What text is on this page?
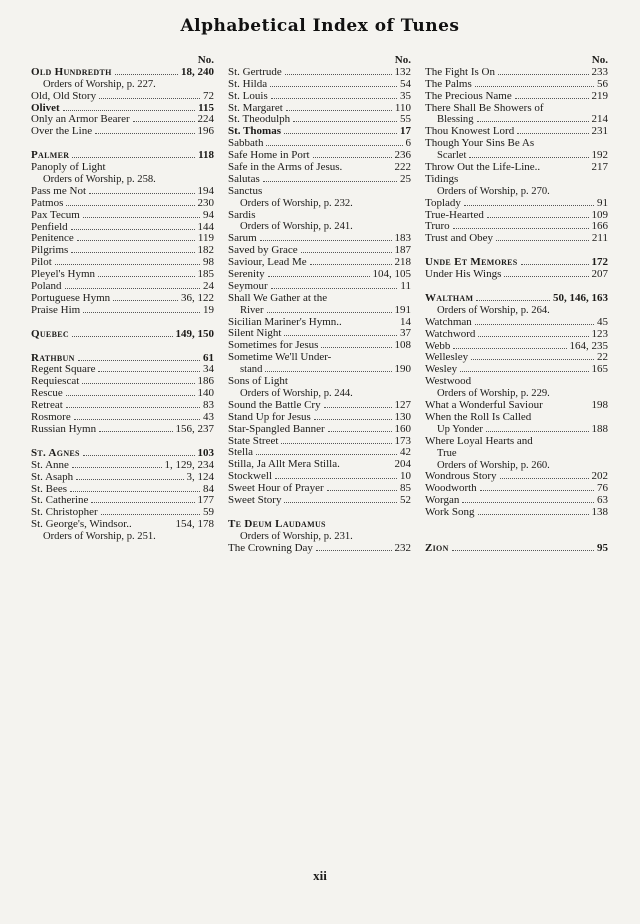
Alphabetical Index of Tunes
No.
Old Hundredth	18, 240
Orders of Worship, p. 227.
Old, Old Story	72
Olivet	115
Only an Armor Bearer	224
Over the Line	196
Palmer	118
Panoply of Light
Orders of Worship, p. 258.
Pass me Not	194
Patmos	230
Pax Tecum	94
Penfield	144
Penitence	119
Pilgrims	182
Pilot	98
Pleyel's Hymn	185
Poland	24
Portuguese Hymn	36, 122
Praise Him	19
Quebec	149, 150
Rathbun	61
Regent Square	34
Requiescat	186
Rescue	140
Retreat	83
Rosmore	43
Russian Hymn	156, 237
St. Agnes	103
St. Anne	1, 129, 234
St. Asaph	3, 124
St. Bees	84
St. Catherine	177
St. Christopher	59
St. George's, Windsor..	154, 178
Orders of Worship, p. 251.
No.
St. Gertrude	132
St. Hilda	54
St. Louis	35
St. Margaret	110
St. Theodulph	55
St. Thomas	17
Sabbath	6
Safe Home in Port	236
Safe in the Arms of Jesus.	222
Salutas	25
Sanctus
Orders of Worship, p. 232.
Sardis
Orders of Worship, p. 241.
Sarum	183
Saved by Grace	187
Saviour, Lead Me	218
Serenity	104, 105
Seymour	11
Shall We Gather at the
River	191
Sicilian Mariner's Hymn..	14
Silent Night	37
Sometimes for Jesus	108
Sometime We'll Under-
stand	190
Sons of Light
Orders of Worship, p. 244.
Sound the Battle Cry	127
Stand Up for Jesus	130
Star-Spangled Banner	160
State Street	173
Stella	42
Stilla, Ja Allt Mera Stilla.	204
Stockwell	10
Sweet Hour of Prayer	85
Sweet Story	52
Te Deum Laudamus
Orders of Worship, p. 231.
The Crowning Day	232
No.
The Fight Is On	233
The Palms	56
The Precious Name	219
There Shall Be Showers of
Blessing	214
Thou Knowest Lord	231
Though Your Sins Be As
Scarlet	192
Throw Out the Life-Line..	217
Tidings
Orders of Worship, p. 270.
Toplady	91
True-Hearted	109
Truro	166
Trust and Obey	211
Unde Et Memores	172
Under His Wings	207
Waltham	50, 146, 163
Orders of Worship, p. 264.
Watchman	45
Watchword	123
Webb	164, 235
Wellesley	22
Wesley	165
Westwood
Orders of Worship, p. 229.
What a Wonderful Saviour	198
When the Roll Is Called
Up Yonder	188
Where Loyal Hearts and
True
Orders of Worship, p. 260.
Wondrous Story	202
Woodworth	76
Worgan	63
Work Song	138
Zion	95
xii
